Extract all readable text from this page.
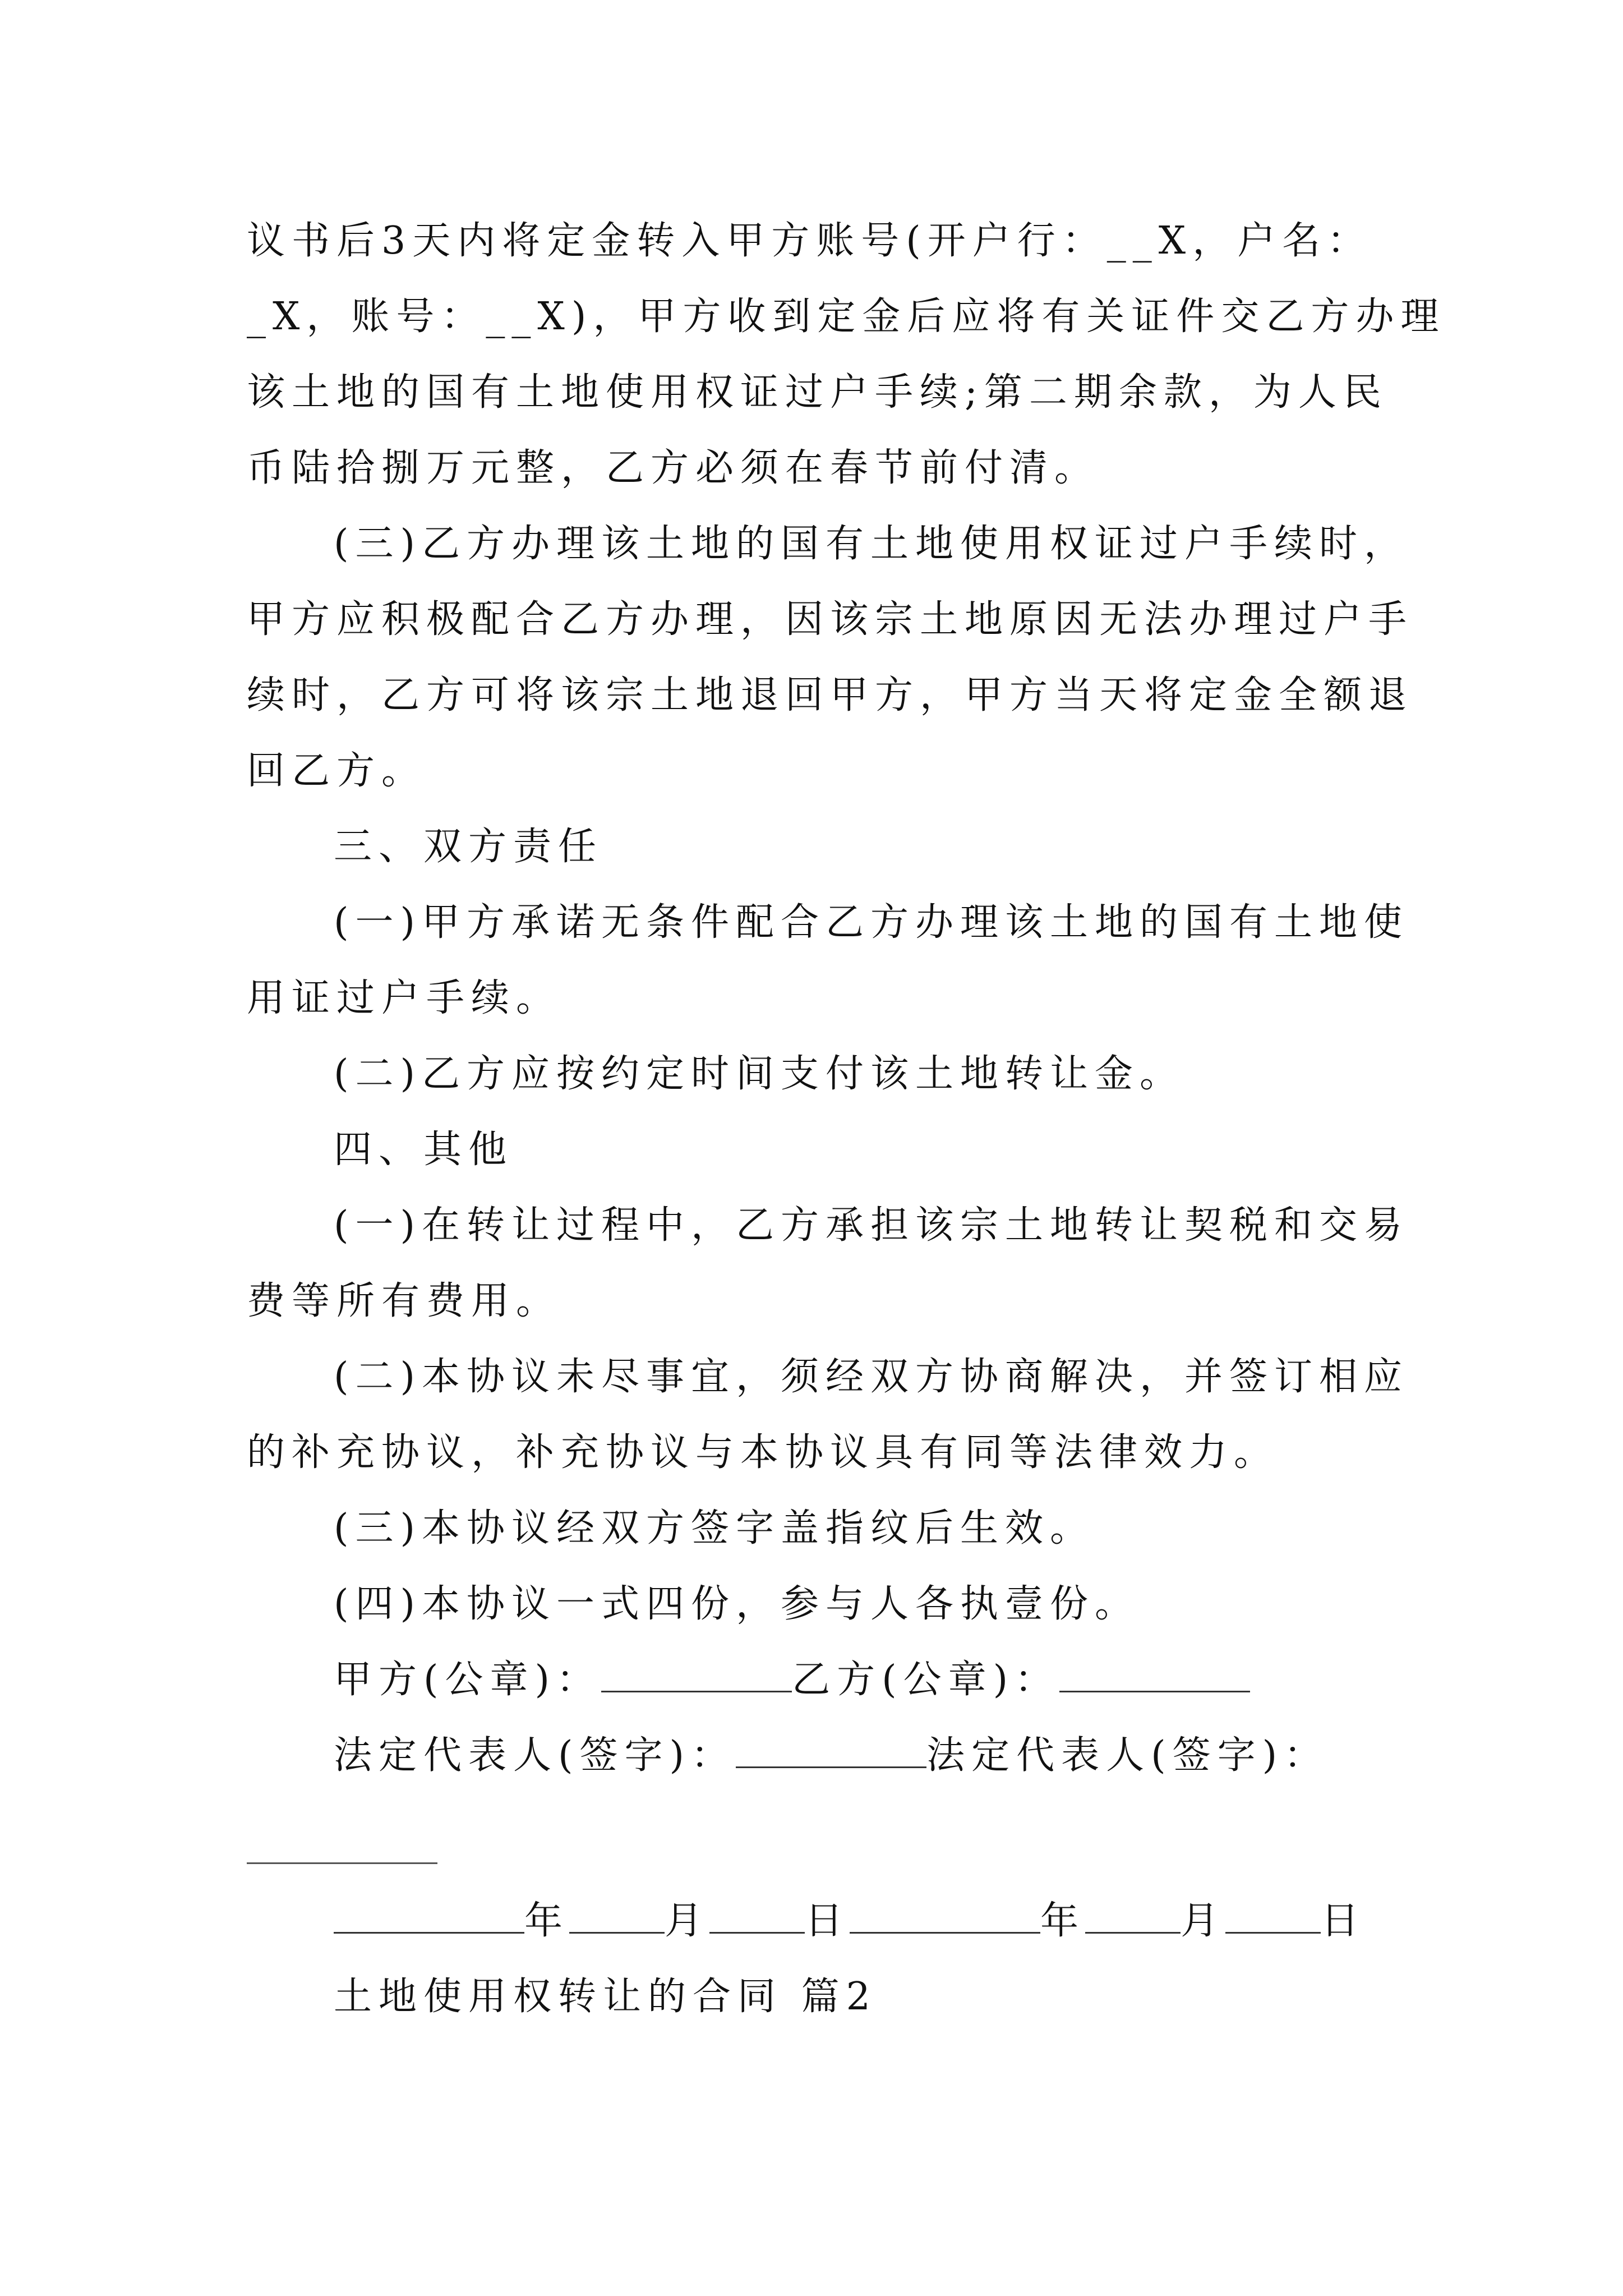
议书后3天内将定金转入甲方账号(开户行：__X，户名：
_X，账号：__X)，甲方收到定金后应将有关证件交乙方办理
该土地的国有土地使用权证过户手续;第二期余款，为人民
币陆拾捌万元整，乙方必须在春节前付清。
(三)乙方办理该土地的国有土地使用权证过户手续时，
甲方应积极配合乙方办理，因该宗土地原因无法办理过户手
续时，乙方可将该宗土地退回甲方，甲方当天将定金全额退
回乙方。
三、双方责任
(一)甲方承诺无条件配合乙方办理该土地的国有土地使
用证过户手续。
(二)乙方应按约定时间支付该土地转让金。
四、其他
(一)在转让过程中，乙方承担该宗土地转让契税和交易
费等所有费用。
(二)本协议未尽事宜，须经双方协商解决，并签订相应
的补充协议，补充协议与本协议具有同等法律效力。
(三)本协议经双方签字盖指纹后生效。
(四)本协议一式四份，参与人各执壹份。
甲方(公章)：	乙方(公章)：
法定代表人(签字)：	法定代表人(签字)：
年	月	日	年	月	日
土地使用权转让的合同 篇2
